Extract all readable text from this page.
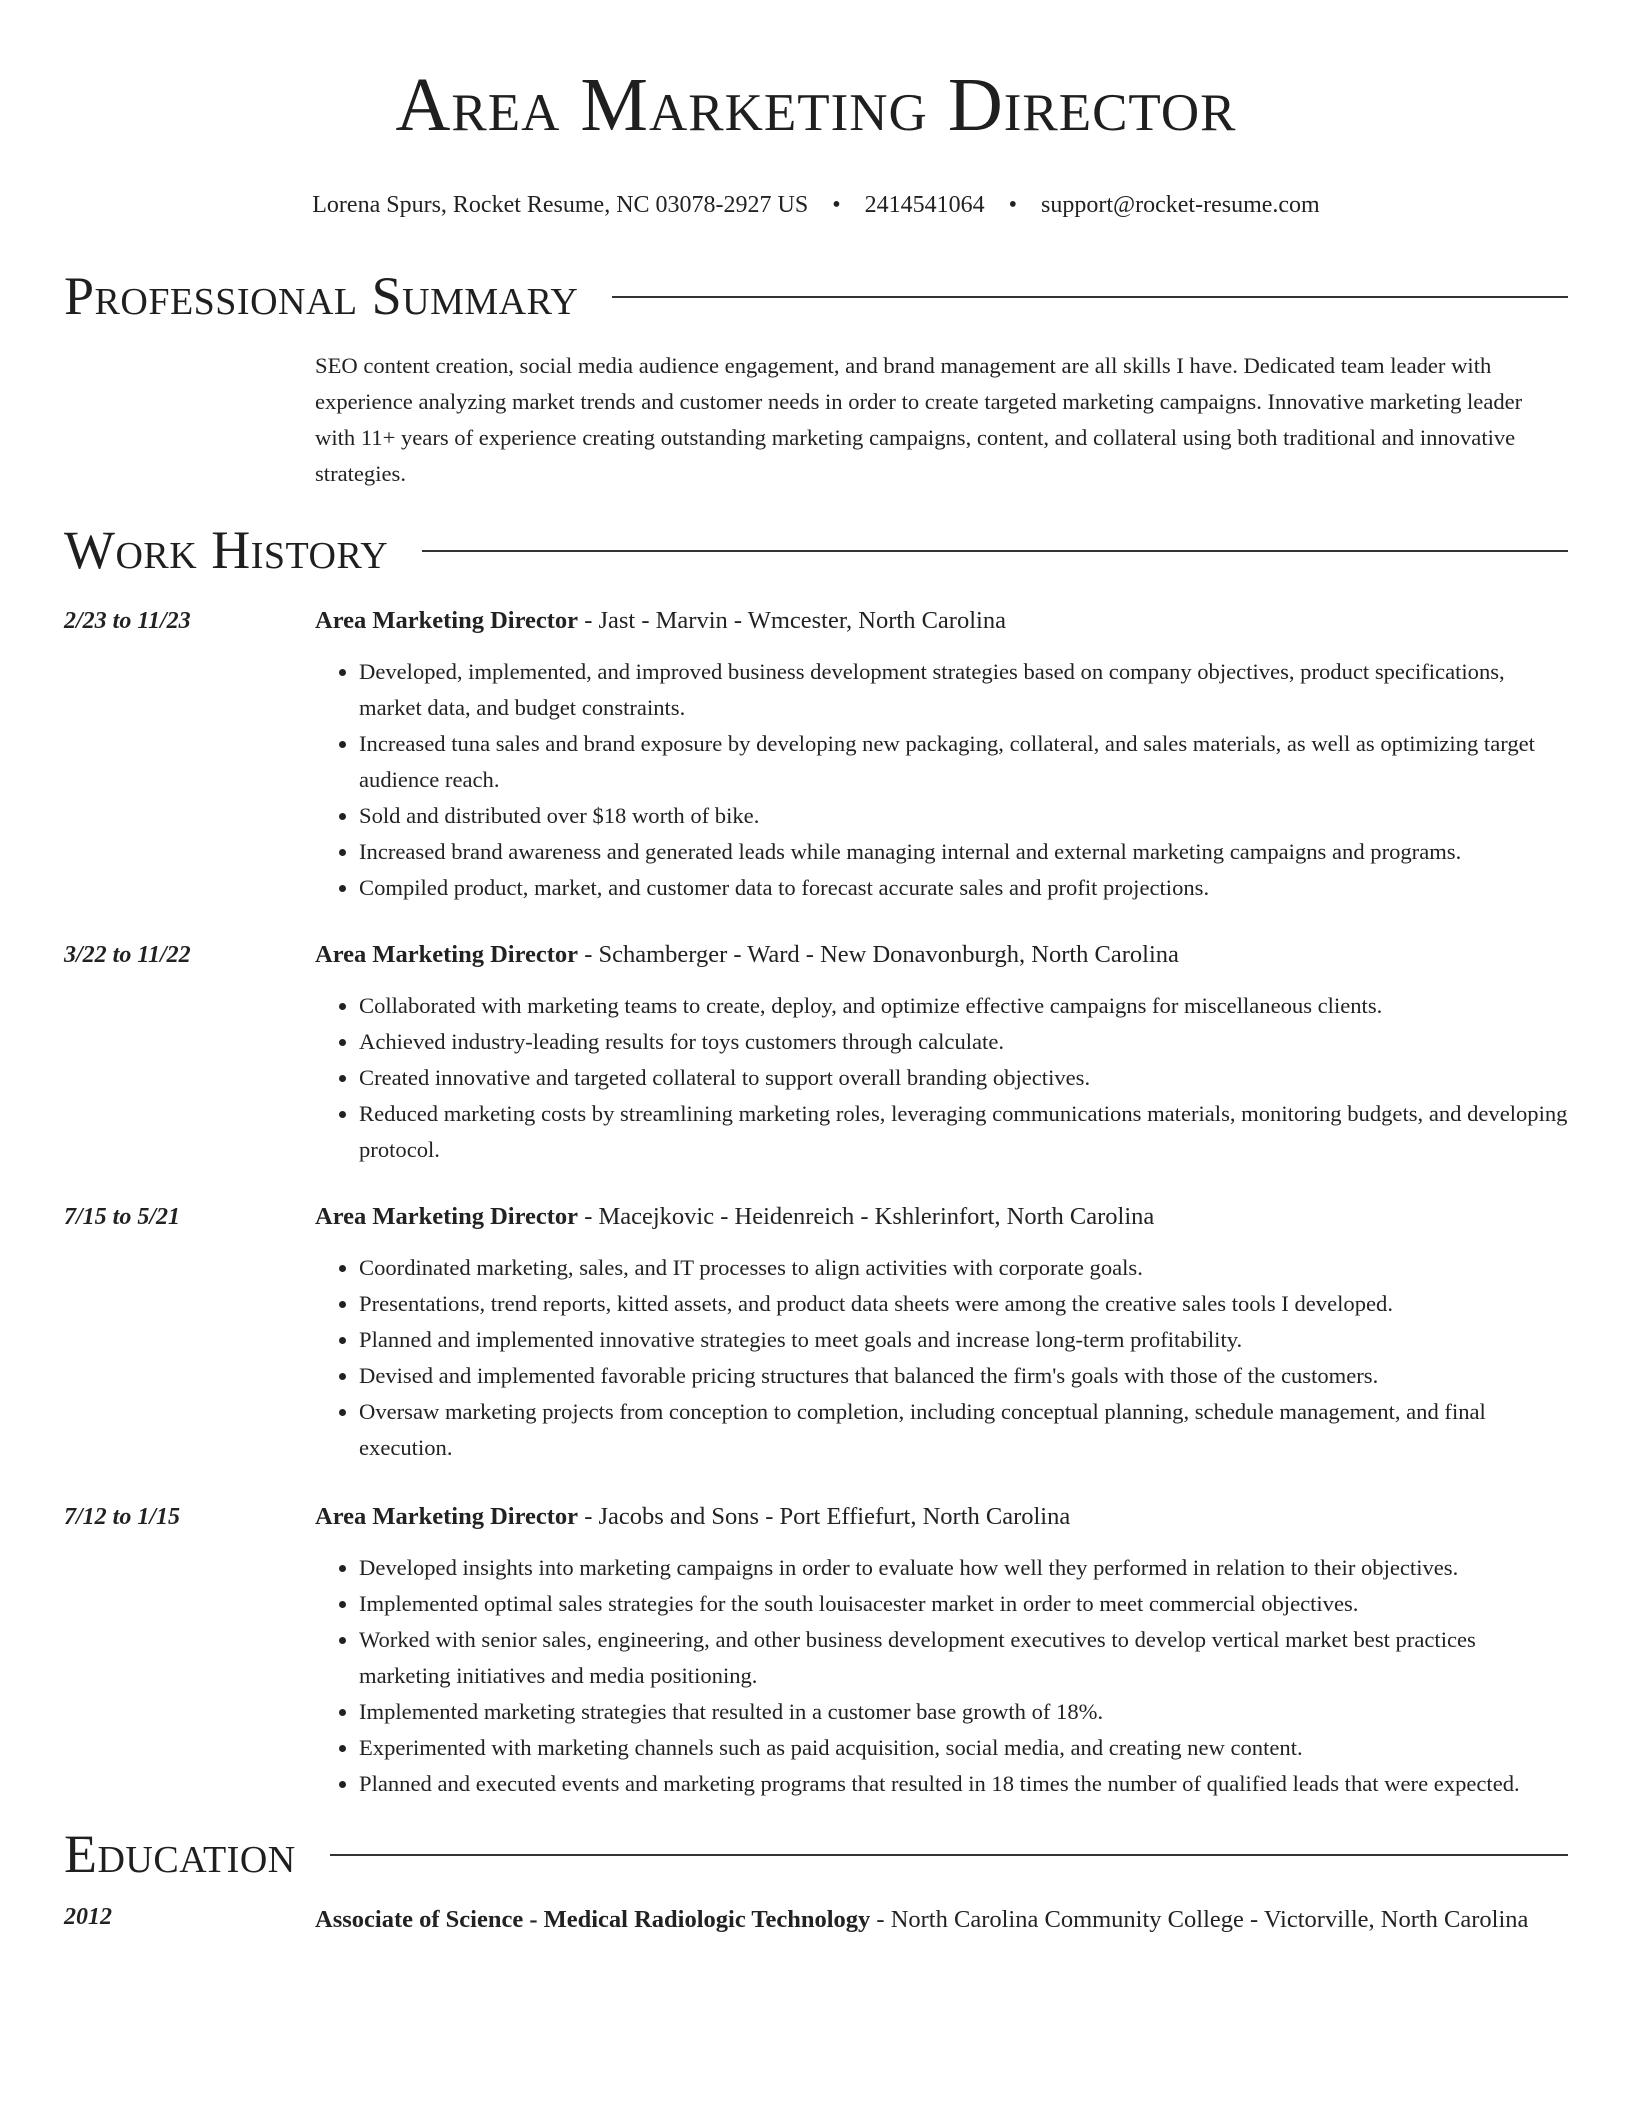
Area Marketing Director
Lorena Spurs, Rocket Resume, NC 03078-2927 US • 2414541064 • support@rocket-resume.com
Professional Summary
SEO content creation, social media audience engagement, and brand management are all skills I have. Dedicated team leader with experience analyzing market trends and customer needs in order to create targeted marketing campaigns. Innovative marketing leader with 11+ years of experience creating outstanding marketing campaigns, content, and collateral using both traditional and innovative strategies.
Work History
2/23 to 11/23	Area Marketing Director - Jast - Marvin - Wmcester, North Carolina
• Developed, implemented, and improved business development strategies based on company objectives, product specifications, market data, and budget constraints.
• Increased tuna sales and brand exposure by developing new packaging, collateral, and sales materials, as well as optimizing target audience reach.
• Sold and distributed over $18 worth of bike.
• Increased brand awareness and generated leads while managing internal and external marketing campaigns and programs.
• Compiled product, market, and customer data to forecast accurate sales and profit projections.
3/22 to 11/22	Area Marketing Director - Schamberger - Ward - New Donavonburgh, North Carolina
• Collaborated with marketing teams to create, deploy, and optimize effective campaigns for miscellaneous clients.
• Achieved industry-leading results for toys customers through calculate.
• Created innovative and targeted collateral to support overall branding objectives.
• Reduced marketing costs by streamlining marketing roles, leveraging communications materials, monitoring budgets, and developing protocol.
7/15 to 5/21	Area Marketing Director - Macejkovic - Heidenreich - Kshlerinfort, North Carolina
• Coordinated marketing, sales, and IT processes to align activities with corporate goals.
• Presentations, trend reports, kitted assets, and product data sheets were among the creative sales tools I developed.
• Planned and implemented innovative strategies to meet goals and increase long-term profitability.
• Devised and implemented favorable pricing structures that balanced the firm's goals with those of the customers.
• Oversaw marketing projects from conception to completion, including conceptual planning, schedule management, and final execution.
7/12 to 1/15	Area Marketing Director - Jacobs and Sons - Port Effiefurt, North Carolina
• Developed insights into marketing campaigns in order to evaluate how well they performed in relation to their objectives.
• Implemented optimal sales strategies for the south louisacester market in order to meet commercial objectives.
• Worked with senior sales, engineering, and other business development executives to develop vertical market best practices marketing initiatives and media positioning.
• Implemented marketing strategies that resulted in a customer base growth of 18%.
• Experimented with marketing channels such as paid acquisition, social media, and creating new content.
• Planned and executed events and marketing programs that resulted in 18 times the number of qualified leads that were expected.
Education
2012	Associate of Science - Medical Radiologic Technology - North Carolina Community College - Victorville, North Carolina
